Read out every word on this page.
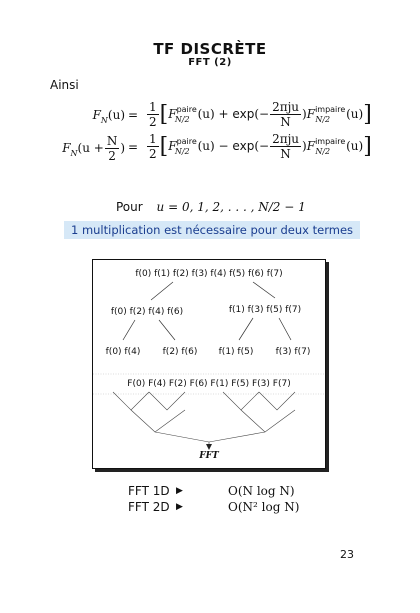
TF DISCRÈTE
FFT (2)
Ainsi
$F_N(u) = \frac{1}{2} [F^{paire}_{N/2}$ $(u) + \exp(- \frac{\text{2πju}}{N} )F^{impaire}_{N/2}$ (u)]
$F_N(u + \frac{N}{2}$ ) = $\frac{1}{2} [F^{paire}_{N/2}$ $(u) - \exp(- \frac{\text{2πju}}{N} )F^{impaire}_{N/2}$ (u)]
Pour u = 0, 1, 2, . . . , N/2 − 1
1 multiplication est nécessaire pour deux termes
f(0) f(1) f(2) f(3) f(4) f(5) f(6) f(7)
f(0) f(2) f(4) f(6)	f(1) f(3) f(5) f(7)
f(0) f(4) f(2) f(6) f(1) f(5) f(3) f(7)
F(0) F(4) F(2) F(6) F(1) F(5) F(3) F(7)
FFT
FFT 1D ▶	O(N log N)
FFT 2D ▶	O(N² log N)
23
